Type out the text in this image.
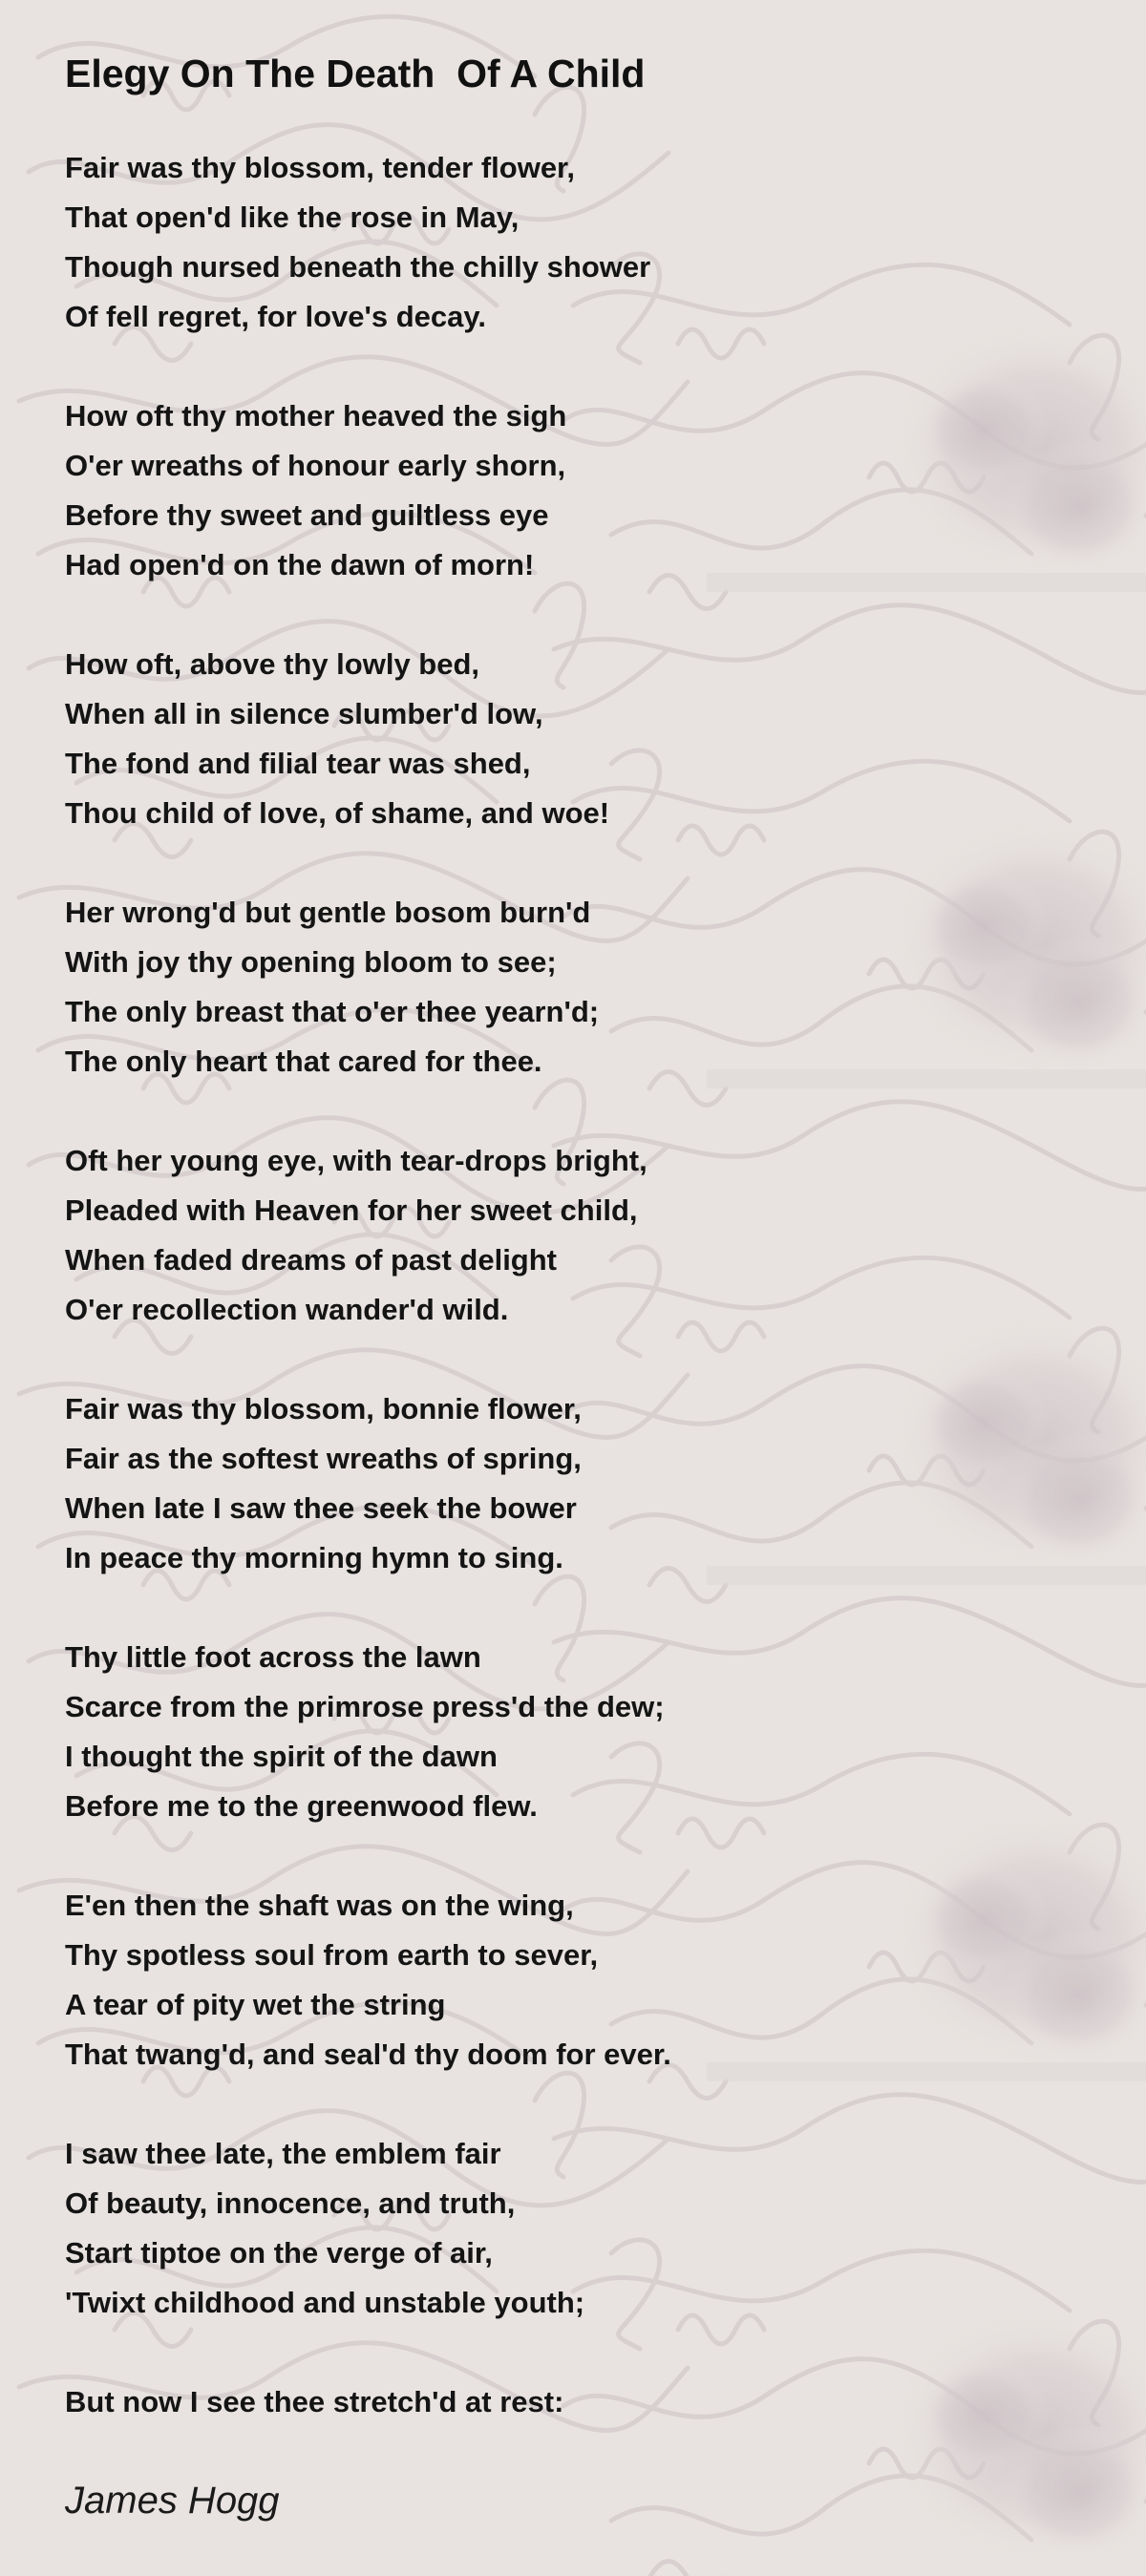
Elegy On The Death  Of A Child
Fair was thy blossom, tender flower,
That open'd like the rose in May,
Though nursed beneath the chilly shower
Of fell regret, for love's decay.
How oft thy mother heaved the sigh
O'er wreaths of honour early shorn,
Before thy sweet and guiltless eye
Had open'd on the dawn of morn!
How oft, above thy lowly bed,
When all in silence slumber'd low,
The fond and filial tear was shed,
Thou child of love, of shame, and woe!
Her wrong'd but gentle bosom burn'd
With joy thy opening bloom to see;
The only breast that o'er thee yearn'd;
The only heart that cared for thee.
Oft her young eye, with tear-drops bright,
Pleaded with Heaven for her sweet child,
When faded dreams of past delight
O'er recollection wander'd wild.
Fair was thy blossom, bonnie flower,
Fair as the softest wreaths of spring,
When late I saw thee seek the bower
In peace thy morning hymn to sing.
Thy little foot across the lawn
Scarce from the primrose press'd the dew;
I thought the spirit of the dawn
Before me to the greenwood flew.
E'en then the shaft was on the wing,
Thy spotless soul from earth to sever,
A tear of pity wet the string
That twang'd, and seal'd thy doom for ever.
I saw thee late, the emblem fair
Of beauty, innocence, and truth,
Start tiptoe on the verge of air,
'Twixt childhood and unstable youth;
But now I see thee stretch'd at rest:
James Hogg
